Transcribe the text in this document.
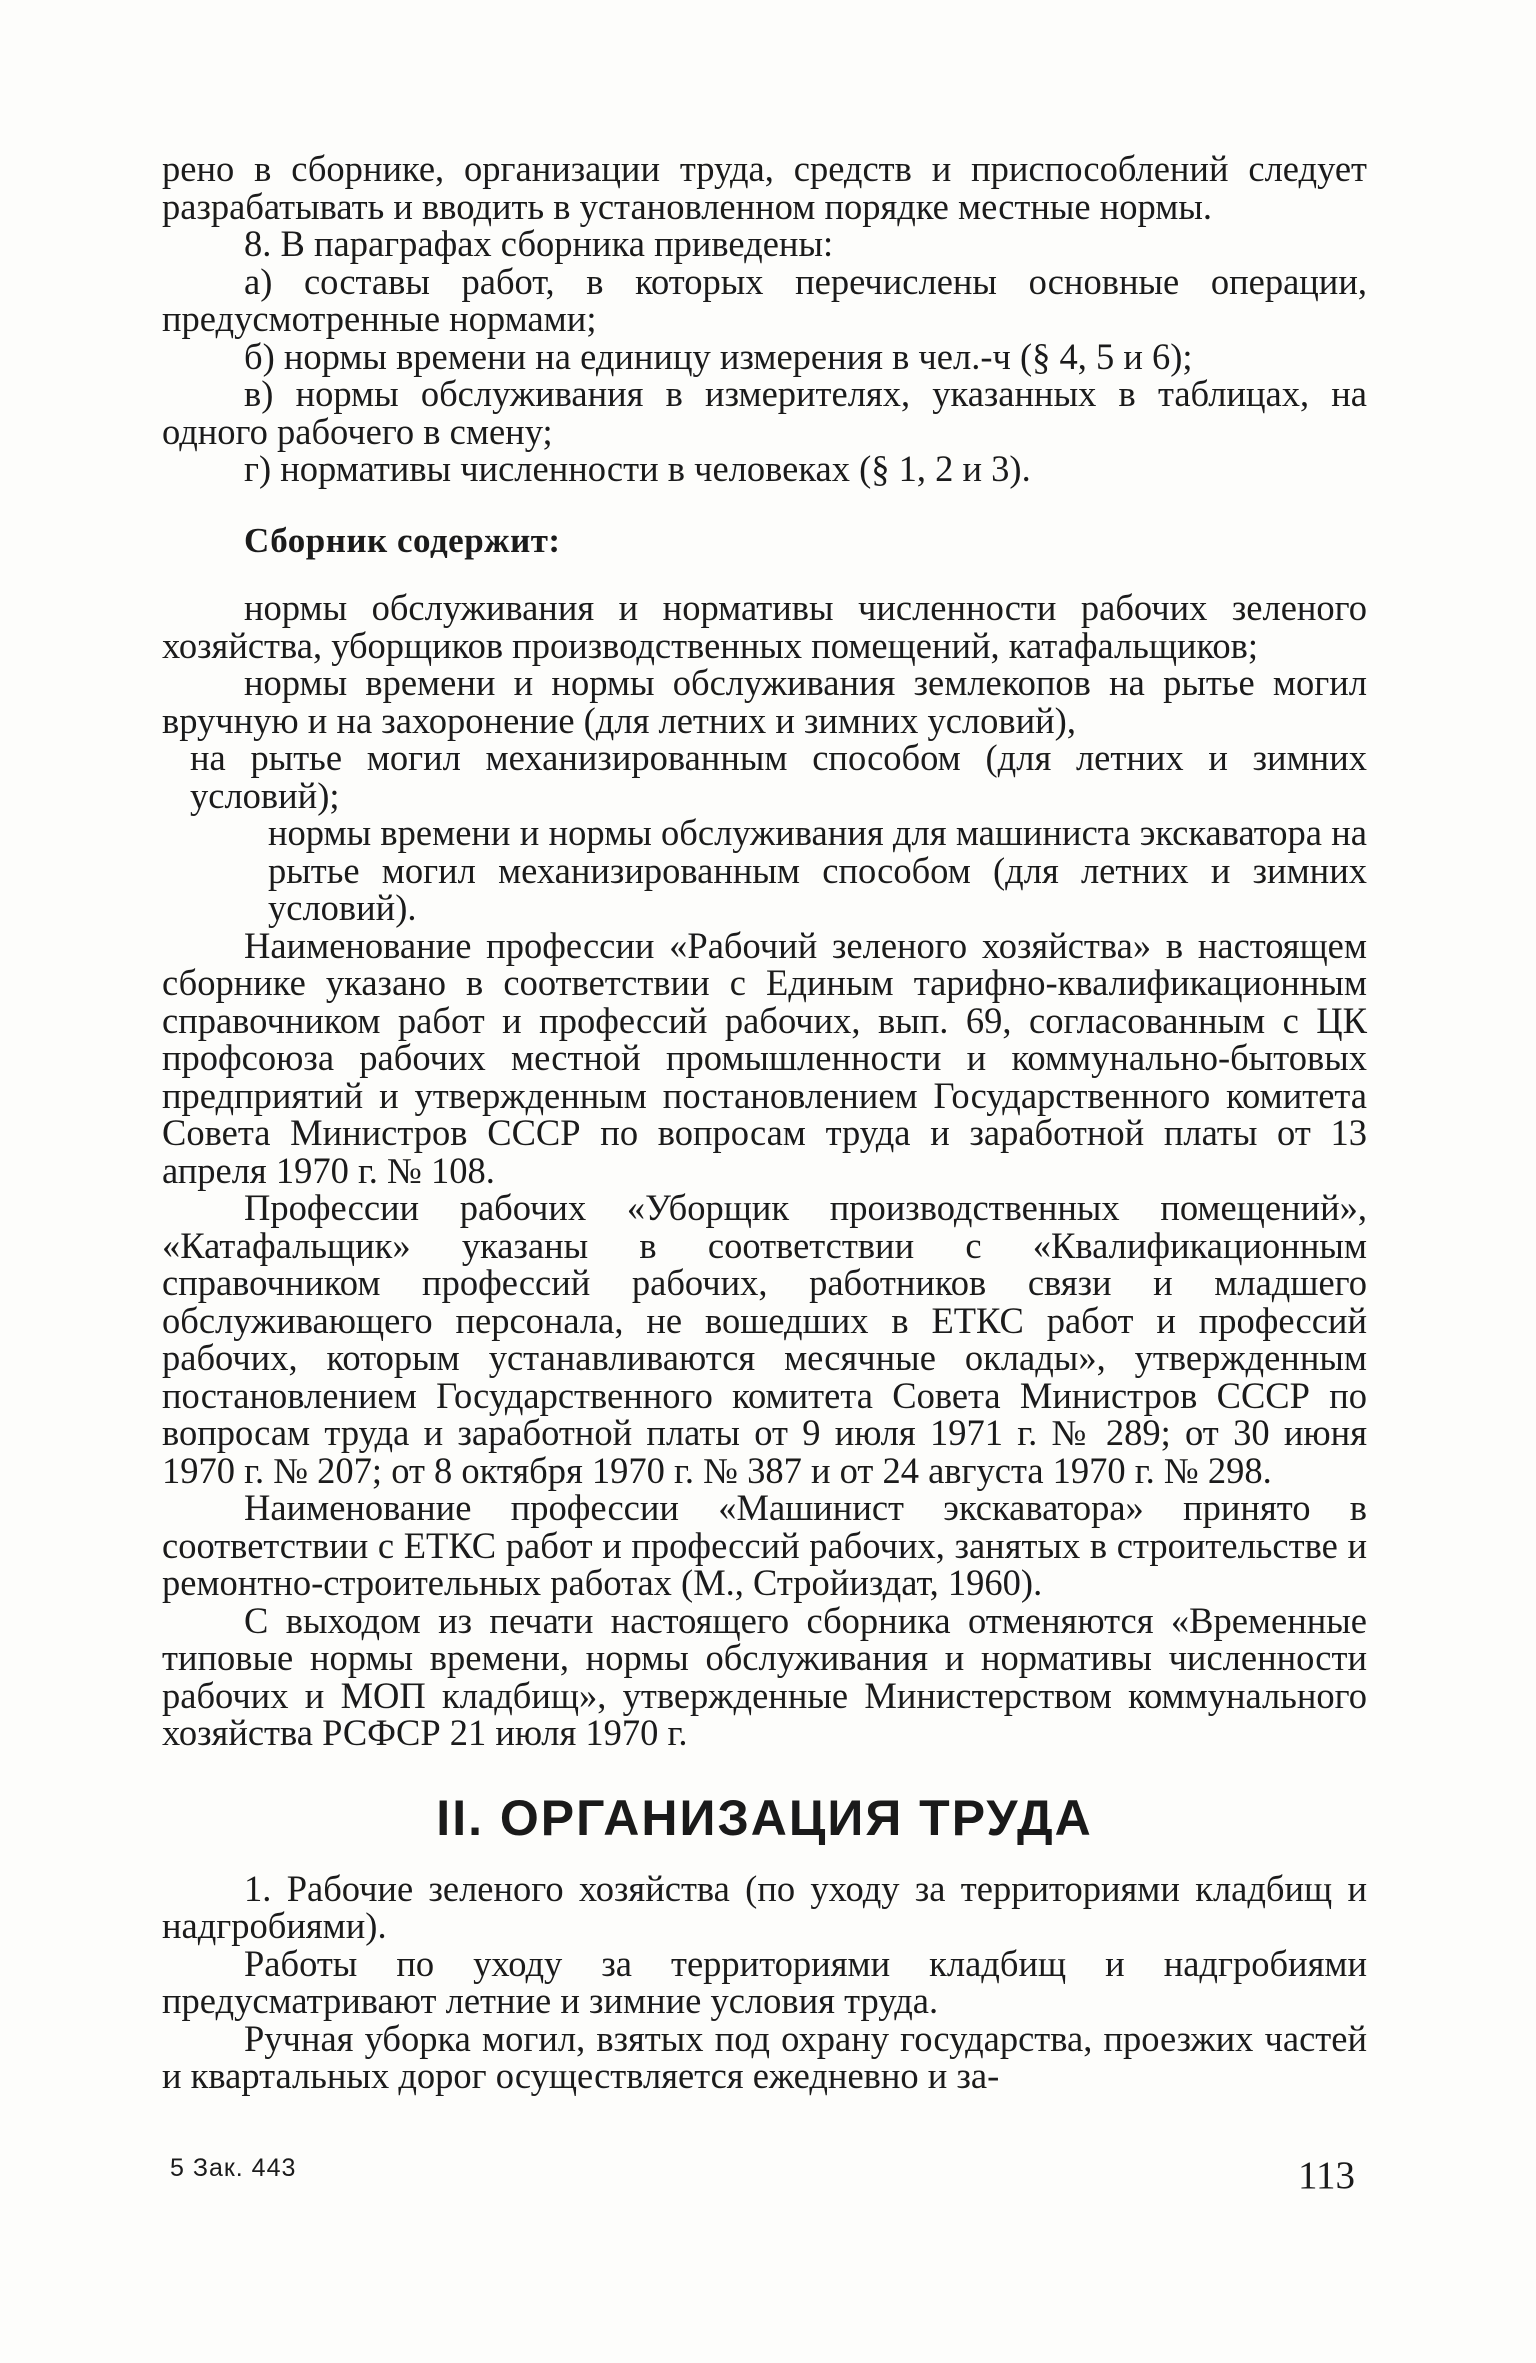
рено в сборнике, организации труда, средств и приспособлений следует разрабатывать и вводить в установленном порядке местные нормы.

8. В параграфах сборника приведены:

а) составы работ, в которых перечислены основные операции, предусмотренные нормами;

б) нормы времени на единицу измерения в чел.-ч (§ 4, 5 и 6);

в) нормы обслуживания в измерителях, указанных в таблицах, на одного рабочего в смену;

г) нормативы численности в человеках (§ 1, 2 и 3).

Сборник содержит:

нормы обслуживания и нормативы численности рабочих зеленого хозяйства, уборщиков производственных помещений, катафальщиков;

нормы времени и нормы обслуживания землекопов на рытье могил вручную и на захоронение (для летних и зимних условий),

на рытье могил механизированным способом (для летних и зимних условий);

нормы времени и нормы обслуживания для машиниста экскаватора на рытье могил механизированным способом (для летних и зимних условий).

Наименование профессии «Рабочий зеленого хозяйства» в настоящем сборнике указано в соответствии с Единым тарифно-квалификационным справочником работ и профессий рабочих, вып. 69, согласованным с ЦК профсоюза рабочих местной промышленности и коммунально-бытовых предприятий и утвержденным постановлением Государственного комитета Совета Министров СССР по вопросам труда и заработной платы от 13 апреля 1970 г. № 108.

Профессии рабочих «Уборщик производственных помещений», «Катафальщик» указаны в соответствии с «Квалификационным справочником профессий рабочих, работников связи и младшего обслуживающего персонала, не вошедших в ЕТКС работ и профессий рабочих, которым устанавливаются месячные оклады», утвержденным постановлением Государственного комитета Совета Министров СССР по вопросам труда и заработной платы от 9 июля 1971 г. № 289; от 30 июня 1970 г. № 207; от 8 октября 1970 г. № 387 и от 24 августа 1970 г. № 298.

Наименование профессии «Машинист экскаватора» принято в соответствии с ЕТКС работ и профессий рабочих, занятых в строительстве и ремонтно-строительных работах (М., Стройиздат, 1960).

С выходом из печати настоящего сборника отменяются «Временные типовые нормы времени, нормы обслуживания и нормативы численности рабочих и МОП кладбищ», утвержденные Министерством коммунального хозяйства РСФСР 21 июля 1970 г.

II. ОРГАНИЗАЦИЯ ТРУДА

1. Рабочие зеленого хозяйства (по уходу за территориями кладбищ и надгробиями).

Работы по уходу за территориями кладбищ и надгробиями предусматривают летние и зимние условия труда.

Ручная уборка могил, взятых под охрану государства, проезжих частей и квартальных дорог осуществляется ежедневно и за-

5 Зак. 443	113
